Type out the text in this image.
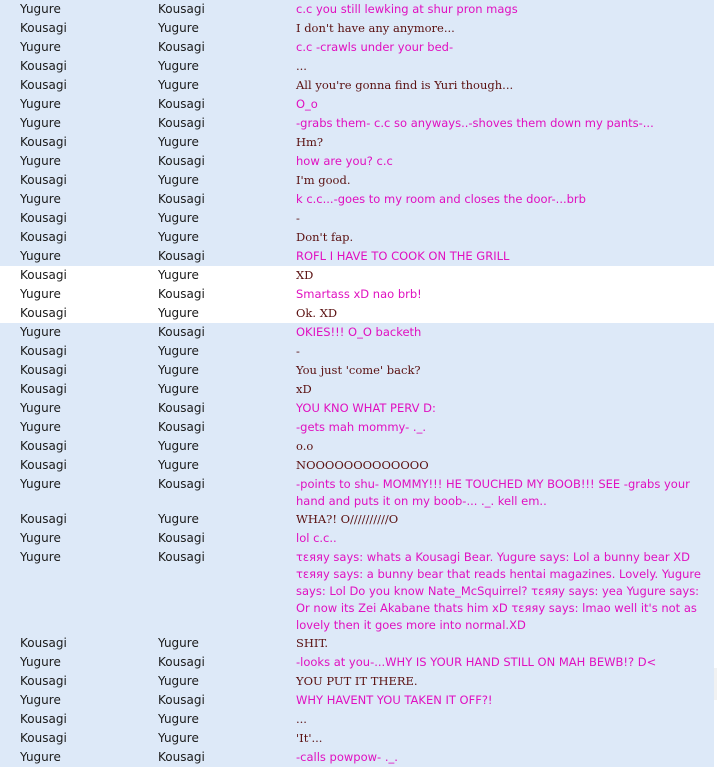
Yugure	Kousagi	c.c you still lewking at shur pron mags
Kousagi	Yugure	I don't have any anymore...
Yugure	Kousagi	c.c -crawls under your bed-
Kousagi	Yugure	...
Kousagi	Yugure	All you're gonna find is Yuri though...
Yugure	Kousagi	O_o
Yugure	Kousagi	-grabs them- c.c so anyways..-shoves them down my pants-...
Kousagi	Yugure	Hm?
Yugure	Kousagi	how are you? c.c
Kousagi	Yugure	I'm good.
Yugure	Kousagi	k c.c...-goes to my room and closes the door-...brb
Kousagi	Yugure	-
Kousagi	Yugure	Don't fap.
Yugure	Kousagi	ROFL I HAVE TO COOK ON THE GRILL
Kousagi	Yugure	XD
Yugure	Kousagi	Smartass xD nao brb!
Kousagi	Yugure	Ok. XD
Yugure	Kousagi	OKIES!!! O_O backeth
Kousagi	Yugure	-
Kousagi	Yugure	You just 'come' back?
Kousagi	Yugure	xD
Yugure	Kousagi	YOU KNO WHAT PERV D:
Yugure	Kousagi	-gets mah mommy- ._.
Kousagi	Yugure	o.o
Kousagi	Yugure	NOOOOOOOOOOOOO
Yugure	Kousagi	-points to shu- MOMMY!!! HE TOUCHED MY BOOB!!! SEE -grabs your hand and puts it on my boob-... ._. kell em..
Kousagi	Yugure	WHA?! O//////////O
Yugure	Kousagi	lol c.c..
Yugure	Kousagi	τεяяу says: whats a Kousagi Bear. Yugure says: Lol a bunny bear XD τεяяу says: a bunny bear that reads hentai magazines. Lovely. Yugure says: Lol Do you know Nate_McSquirrel? τεяяу says: yea Yugure says: Or now its Zei Akabane thats him xD τεяяу says: lmao well it's not as lovely then it goes more into normal.XD
Kousagi	Yugure	SHIT.
Yugure	Kousagi	-looks at you-...WHY IS YOUR HAND STILL ON MAH BEWB!? D<
Kousagi	Yugure	YOU PUT IT THERE.
Yugure	Kousagi	WHY HAVENT YOU TAKEN IT OFF?!
Kousagi	Yugure	...
Kousagi	Yugure	'It'...
Yugure	Kousagi	-calls powpow- ._.
